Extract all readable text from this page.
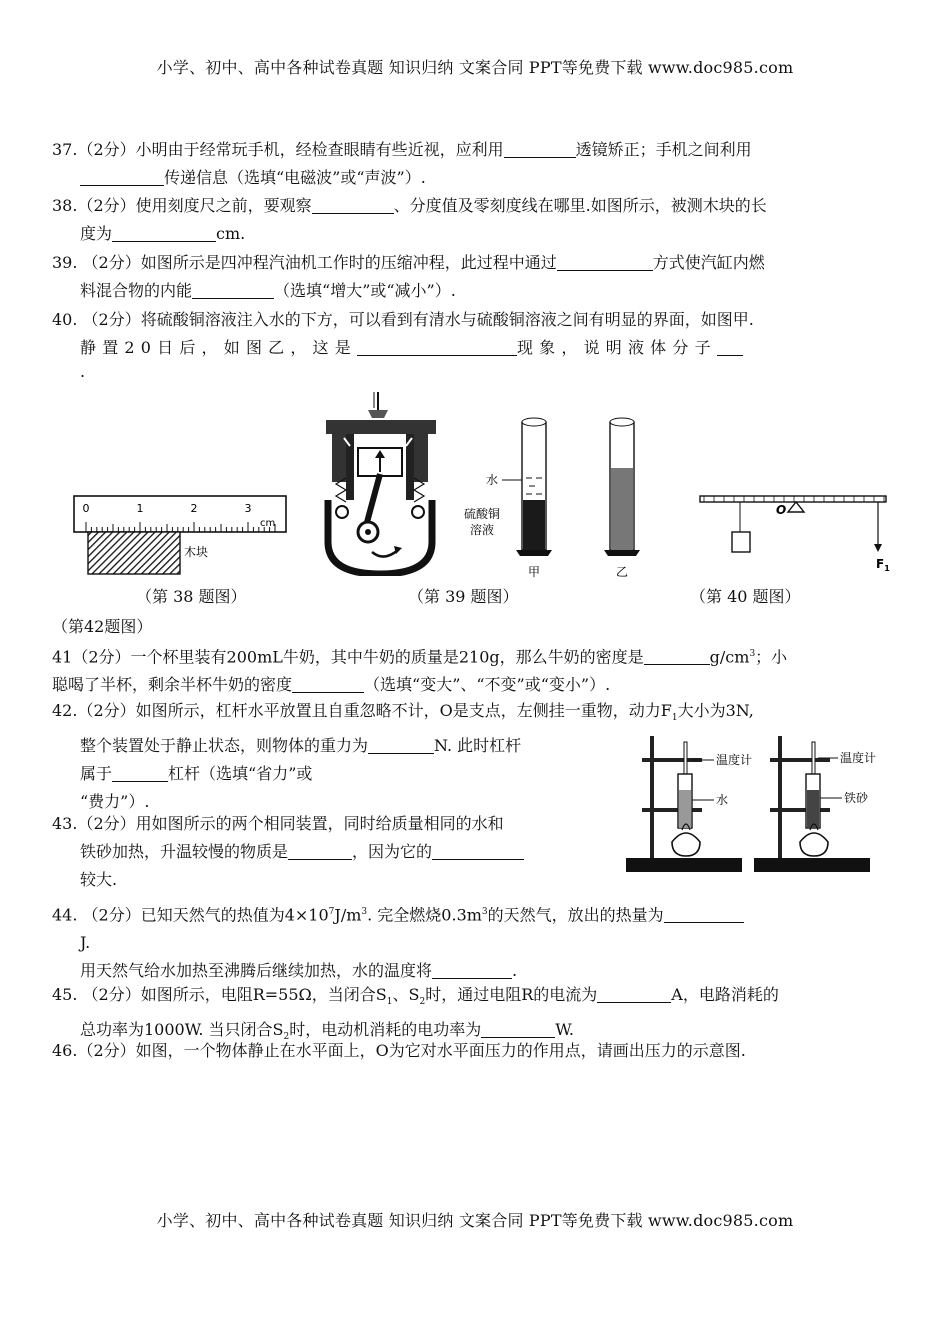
小学、初中、高中各种试卷真题 知识归纳 文案合同 PPT等免费下载 www.doc985.com
37.（2分）小明由于经常玩手机，经检查眼睛有些近视，应利用	透镜矫正；手机之间利用
传递信息（选填“电磁波”或“声波”）.
38.（2分）使用刻度尺之前，要观察	、分度值及零刻度线在哪里.如图所示，被测木块的长
度为	cm.
39. （2分）如图所示是四冲程汽油机工作时的压缩冲程，此过程中通过	方式使汽缸内燃
料混合物的内能	（选填“增大”或“减小”）.
40. （2分）将硫酸铜溶液注入水的下方，可以看到有清水与硫酸铜溶液之间有明显的界面，如图甲.
静置20日后，如图乙，这是	现象，说明液体分子
.
0	1	2	3
cm
木块
水
硫酸铜
溶液
甲	乙
O
$F_1$
（第 38 题图）	（第 39 题图）	（第 40 题图）
（第42题图）
41（2分）一个杯里装有200mL牛奶，其中牛奶的质量是210g，那么牛奶的密度是	$g/cm^3$；小
聪喝了半杯，剩余半杯牛奶的密度	（选填“变大”、“不变”或“变小”）.
42.（2分）如图所示，杠杆水平放置且自重忽略不计，O是支点，左侧挂一重物，动力$F_1$大小为3N,
整个装置处于静止状态，则物体的重力为	N. 此时杠杆
属于	杠杆（选填“省力”或
“费力”）.
43.（2分）用如图所示的两个相同装置，同时给质量相同的水和
铁砂加热，升温较慢的物质是	，因为它的
较大.
温度计
水
温度计
铁砂
44. （2分）已知天然气的热值为$4\times 10^7J/m^3$. 完全燃烧$0.3m^3$的天然气，放出的热量为
J.
用天然气给水加热至沸腾后继续加热，水的温度将	.
45. （2分）如图所示，电阻R=55Ω，当闭合$S_1$、$S_2$时，通过电阻R的电流为	A，电路消耗的
总功率为1000W. 当只闭合$S_2$时，电动机消耗的电功率为	W.
46.（2分）如图，一个物体静止在水平面上，O为它对水平面压力的作用点，请画出压力的示意图.
小学、初中、高中各种试卷真题 知识归纳 文案合同 PPT等免费下载 www.doc985.com
